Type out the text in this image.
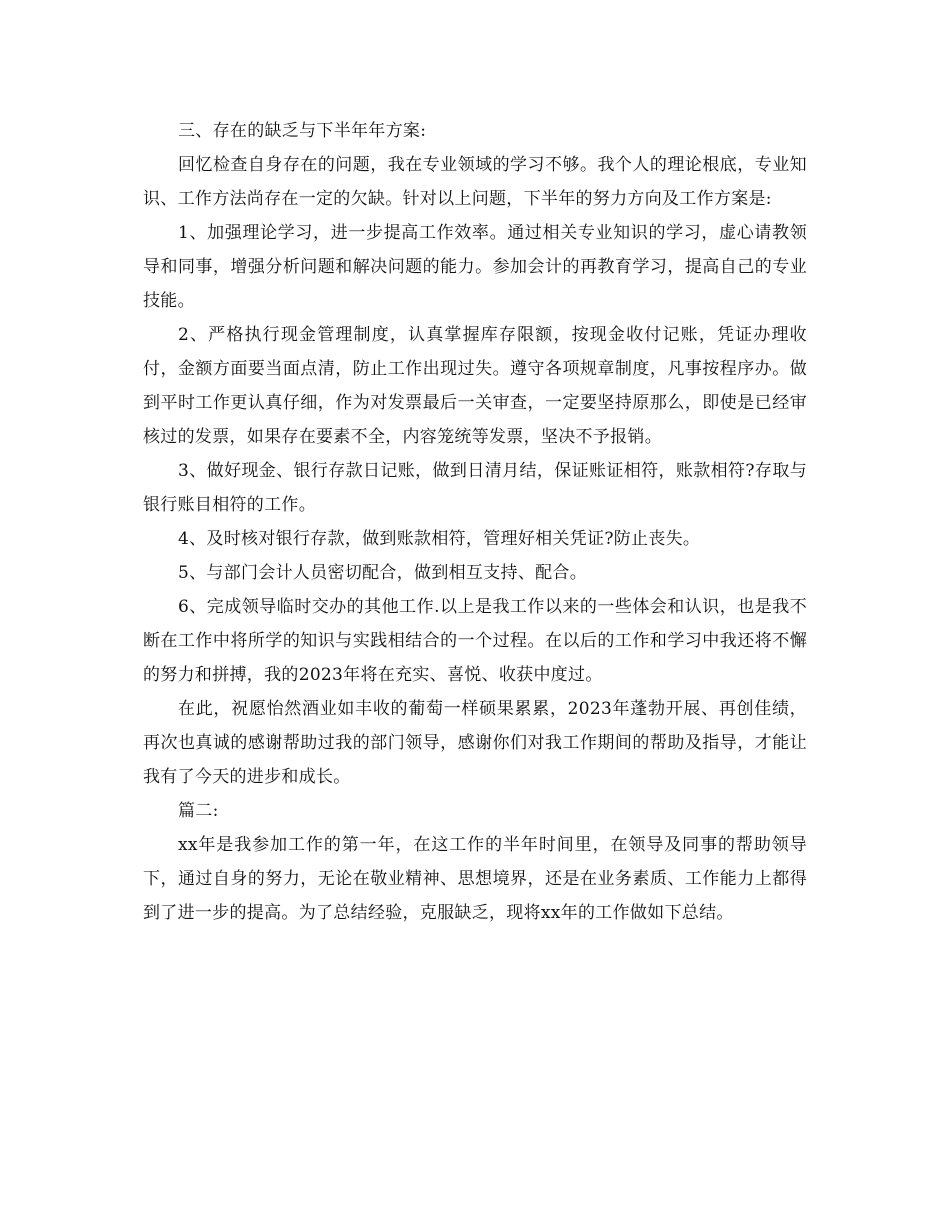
三、存在的缺乏与下半年年方案:

回忆检查自身存在的问题，我在专业领域的学习不够。我个人的理论根底，专业知识、工作方法尚存在一定的欠缺。针对以上问题，下半年的努力方向及工作方案是:

1、加强理论学习，进一步提高工作效率。通过相关专业知识的学习，虚心请教领导和同事，增强分析问题和解决问题的能力。参加会计的再教育学习，提高自己的专业技能。

2、严格执行现金管理制度，认真掌握库存限额，按现金收付记账，凭证办理收付，金额方面要当面点清，防止工作出现过失。遵守各项规章制度，凡事按程序办。做到平时工作更认真仔细，作为对发票最后一关审查，一定要坚持原那么，即使是已经审核过的发票，如果存在要素不全，内容笼统等发票，坚决不予报销。

3、做好现金、银行存款日记账，做到日清月结，保证账证相符，账款相符?存取与银行账目相符的工作。

4、及时核对银行存款，做到账款相符，管理好相关凭证?防止丧失。

5、与部门会计人员密切配合，做到相互支持、配合。

6、完成领导临时交办的其他工作.以上是我工作以来的一些体会和认识，也是我不断在工作中将所学的知识与实践相结合的一个过程。在以后的工作和学习中我还将不懈的努力和拼搏，我的2023年将在充实、喜悦、收获中度过。

在此，祝愿怡然酒业如丰收的葡萄一样硕果累累，2023年蓬勃开展、再创佳绩，再次也真诚的感谢帮助过我的部门领导，感谢你们对我工作期间的帮助及指导，才能让我有了今天的进步和成长。

篇二:

xx年是我参加工作的第一年，在这工作的半年时间里，在领导及同事的帮助领导下，通过自身的努力，无论在敬业精神、思想境界，还是在业务素质、工作能力上都得到了进一步的提高。为了总结经验，克服缺乏，现将xx年的工作做如下总结。
